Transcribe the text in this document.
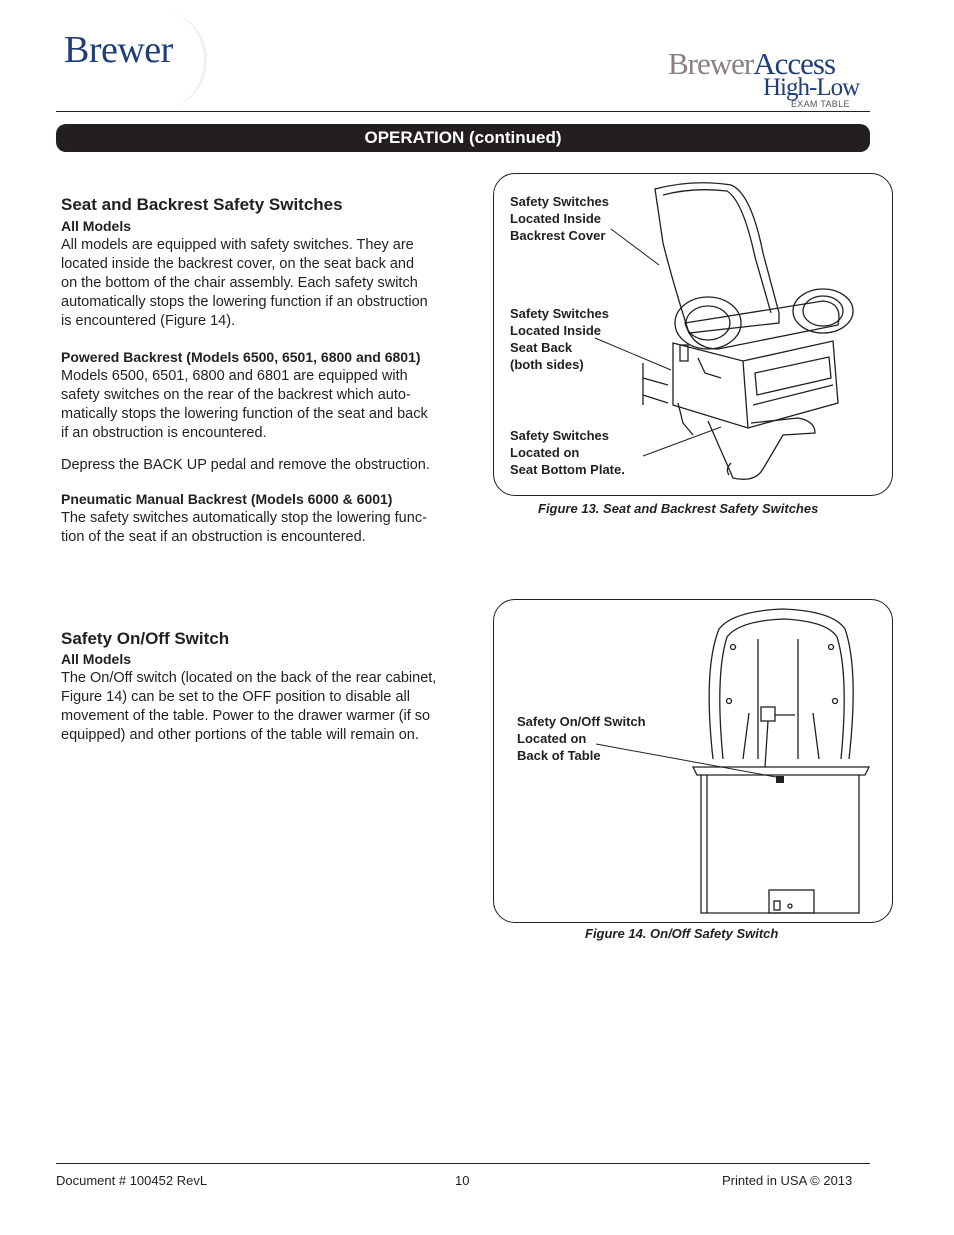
Brewer	BrewerAccess
High-Low
EXAM TABLE
OPERATION (continued)
Seat and Backrest Safety Switches
All Models
All models are equipped with safety switches. They are
located inside the backrest cover, on the seat back and
on the bottom of the chair assembly. Each safety switch
automatically stops the lowering function if an obstruction
is encountered (Figure 14).
Powered Backrest (Models 6500, 6501, 6800 and 6801)
Models 6500, 6501, 6800 and 6801 are equipped with
safety switches on the rear of the backrest which auto-
matically stops the lowering function of the seat and back
if an obstruction is encountered.
Depress the BACK UP pedal and remove the obstruction.
Pneumatic Manual Backrest (Models 6000 & 6001)
The safety switches automatically stop the lowering func-
tion of the seat if an obstruction is encountered.
Safety Switches
Located Inside
Backrest Cover
Safety Switches
Located Inside
Seat Back
(both sides)
Safety Switches
Located on
Seat Bottom Plate.
Figure 13. Seat and Backrest Safety Switches
Safety On/Off Switch
All Models
The On/Off switch (located on the back of the rear cabinet,
Figure 14) can be set to the OFF position to disable all
movement of the table. Power to the drawer warmer (if so
equipped) and other portions of the table will remain on.
Safety On/Off Switch
Located on
Back of Table
Figure 14. On/Off Safety Switch
Document # 100452 RevL	10	Printed in USA © 2013
